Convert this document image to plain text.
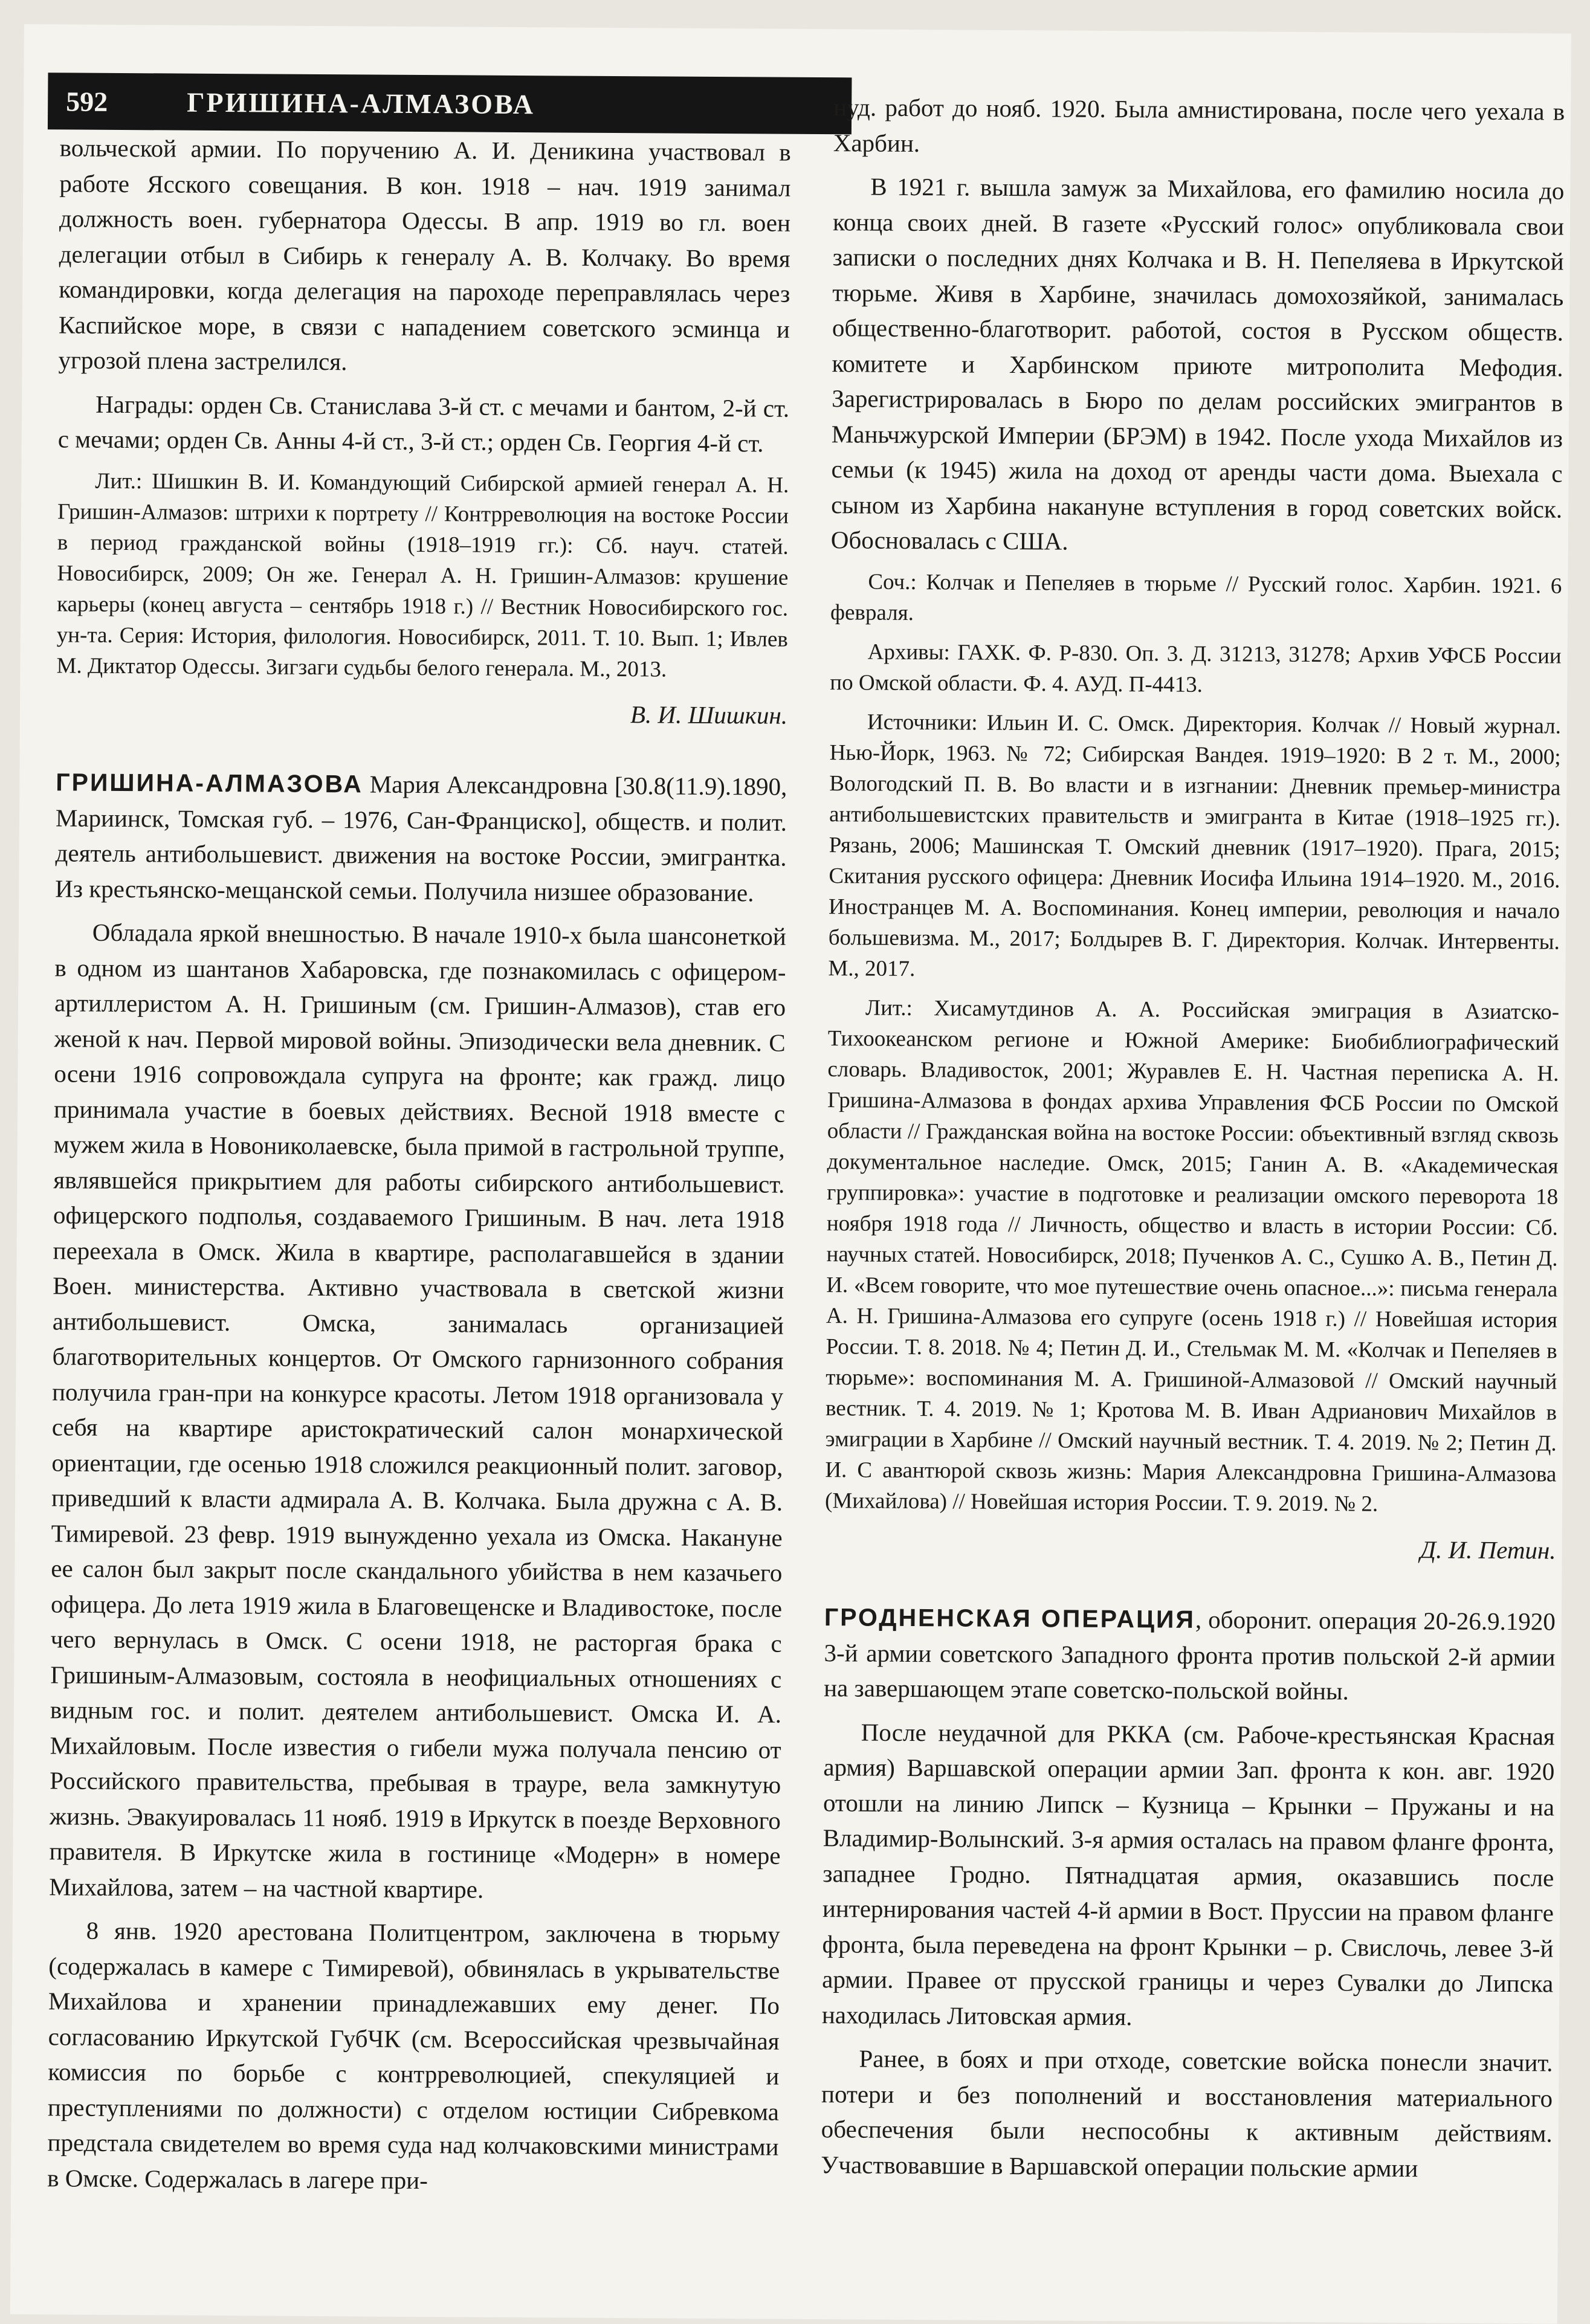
592	ГРИШИНА-АЛМАЗОВА

вольческой армии. По поручению А. И. Деникина участвовал в работе Ясского совещания. В кон. 1918 – нач. 1919 занимал должность воен. губернатора Одессы. В апр. 1919 во гл. воен делегации отбыл в Сибирь к генералу А. В. Колчаку. Во время командировки, когда делегация на пароходе переправлялась через Каспийское море, в связи с нападением советского эсминца и угрозой плена застрелился.

Награды: орден Св. Станислава 3-й ст. с мечами и бантом, 2-й ст. с мечами; орден Св. Анны 4-й ст., 3-й ст.; орден Св. Георгия 4-й ст.

Лит.: Шишкин В. И. Командующий Сибирской армией генерал А. Н. Гришин-Алмазов: штрихи к портрету // Контрреволюция на востоке России в период гражданской войны (1918–1919 гг.): Сб. науч. статей. Новосибирск, 2009; Он же. Генерал А. Н. Гришин-Алмазов: крушение карьеры (конец августа – сентябрь 1918 г.) // Вестник Новосибирского гос. ун-та. Серия: История, филология. Новосибирск, 2011. Т. 10. Вып. 1; Ивлев М. Диктатор Одессы. Зигзаги судьбы белого генерала. М., 2013.

В. И. Шишкин.

ГРИШИНА-АЛМАЗОВА Мария Александровна [30.8(11.9).1890, Мариинск, Томская губ. – 1976, Сан-Франциско], обществ. и полит. деятель антибольшевист. движения на востоке России, эмигрантка. Из крестьянско-мещанской семьи. Получила низшее образование.

Обладала яркой внешностью. В начале 1910-х была шансонеткой в одном из шантанов Хабаровска, где познакомилась с офицером-артиллеристом А. Н. Гришиным (см. Гришин-Алмазов), став его женой к нач. Первой мировой войны. Эпизодически вела дневник. С осени 1916 сопровождала супруга на фронте; как гражд. лицо принимала участие в боевых действиях. Весной 1918 вместе с мужем жила в Новониколаевске, была примой в гастрольной труппе, являвшейся прикрытием для работы сибирского антибольшевист. офицерского подполья, создаваемого Гришиным. В нач. лета 1918 переехала в Омск. Жила в квартире, располагавшейся в здании Воен. министерства. Активно участвовала в светской жизни антибольшевист. Омска, занималась организацией благотворительных концертов. От Омского гарнизонного собрания получила гран-при на конкурсе красоты. Летом 1918 организовала у себя на квартире аристократический салон монархической ориентации, где осенью 1918 сложился реакционный полит. заговор, приведший к власти адмирала А. В. Колчака. Была дружна с А. В. Тимиревой. 23 февр. 1919 вынужденно уехала из Омска. Накануне ее салон был закрыт после скандального убийства в нем казачьего офицера. До лета 1919 жила в Благовещенске и Владивостоке, после чего вернулась в Омск. С осени 1918, не расторгая брака с Гришиным-Алмазовым, состояла в неофициальных отношениях с видным гос. и полит. деятелем антибольшевист. Омска И. А. Михайловым. После известия о гибели мужа получала пенсию от Российского правительства, пребывая в трауре, вела замкнутую жизнь. Эвакуировалась 11 нояб. 1919 в Иркутск в поезде Верховного правителя. В Иркутске жила в гостинице «Модерн» в номере Михайлова, затем – на частной квартире.

8 янв. 1920 арестована Политцентром, заключена в тюрьму (содержалась в камере с Тимиревой), обвинялась в укрывательстве Михайлова и хранении принадлежавших ему денег. По согласованию Иркутской ГубЧК (см. Всероссийская чрезвычайная комиссия по борьбе с контрреволюцией, спекуляцией и преступлениями по должности) с отделом юстиции Сибревкома предстала свидетелем во время суда над колчаковскими министрами в Омске. Содержалась в лагере при-

нуд. работ до нояб. 1920. Была амнистирована, после чего уехала в Харбин.

В 1921 г. вышла замуж за Михайлова, его фамилию носила до конца своих дней. В газете «Русский голос» опубликовала свои записки о последних днях Колчака и В. Н. Пепеляева в Иркутской тюрьме. Живя в Харбине, значилась домохозяйкой, занималась общественно-благотворит. работой, состоя в Русском обществ. комитете и Харбинском приюте митрополита Мефодия. Зарегистрировалась в Бюро по делам российских эмигрантов в Маньчжурской Империи (БРЭМ) в 1942. После ухода Михайлов из семьи (к 1945) жила на доход от аренды части дома. Выехала с сыном из Харбина накануне вступления в город советских войск. Обосновалась с США.

Соч.: Колчак и Пепеляев в тюрьме // Русский голос. Харбин. 1921. 6 февраля.

Архивы: ГАХК. Ф. Р-830. Оп. 3. Д. 31213, 31278; Архив УФСБ России по Омской области. Ф. 4. АУД. П-4413.

Источники: Ильин И. С. Омск. Директория. Колчак // Новый журнал. Нью-Йорк, 1963. № 72; Сибирская Вандея. 1919–1920: В 2 т. М., 2000; Вологодский П. В. Во власти и в изгнании: Дневник премьер-министра антибольшевистских правительств и эмигранта в Китае (1918–1925 гг.). Рязань, 2006; Машинская Т. Омский дневник (1917–1920). Прага, 2015; Скитания русского офицера: Дневник Иосифа Ильина 1914–1920. М., 2016. Иностранцев М. А. Воспоминания. Конец империи, революция и начало большевизма. М., 2017; Болдырев В. Г. Директория. Колчак. Интервенты. М., 2017.

Лит.: Хисамутдинов А. А. Российская эмиграция в Азиатско-Тихоокеанском регионе и Южной Америке: Биобиблиографический словарь. Владивосток, 2001; Журавлев Е. Н. Частная переписка А. Н. Гришина-Алмазова в фондах архива Управления ФСБ России по Омской области // Гражданская война на востоке России: объективный взгляд сквозь документальное наследие. Омск, 2015; Ганин А. В. «Академическая группировка»: участие в подготовке и реализации омского переворота 18 ноября 1918 года // Личность, общество и власть в истории России: Сб. научных статей. Новосибирск, 2018; Пученков А. С., Сушко А. В., Петин Д. И. «Всем говорите, что мое путешествие очень опасное...»: письма генерала А. Н. Гришина-Алмазова его супруге (осень 1918 г.) // Новейшая история России. Т. 8. 2018. № 4; Петин Д. И., Стельмак М. М. «Колчак и Пепеляев в тюрьме»: воспоминания М. А. Гришиной-Алмазовой // Омский научный вестник. Т. 4. 2019. № 1; Кротова М. В. Иван Адрианович Михайлов в эмиграции в Харбине // Омский научный вестник. Т. 4. 2019. № 2; Петин Д. И. С авантюрой сквозь жизнь: Мария Александровна Гришина-Алмазова (Михайлова) // Новейшая история России. Т. 9. 2019. № 2.

Д. И. Петин.

ГРОДНЕНСКАЯ ОПЕРАЦИЯ, оборонит. операция 20-26.9.1920 3-й армии советского Западного фронта против польской 2-й армии на завершающем этапе советско-польской войны.

После неудачной для РККА (см. Рабоче-крестьянская Красная армия) Варшавской операции армии Зап. фронта к кон. авг. 1920 отошли на линию Липск – Кузница – Крынки – Пружаны и на Владимир-Волынский. 3-я армия осталась на правом фланге фронта, западнее Гродно. Пятнадцатая армия, оказавшись после интернирования частей 4-й армии в Вост. Пруссии на правом фланге фронта, была переведена на фронт Крынки – р. Свислочь, левее 3-й армии. Правее от прусской границы и через Сувалки до Липска находилась Литовская армия.

Ранее, в боях и при отходе, советские войска понесли значит. потери и без пополнений и восстановления материального обеспечения были неспособны к активным действиям. Участвовавшие в Варшавской операции польские армии
